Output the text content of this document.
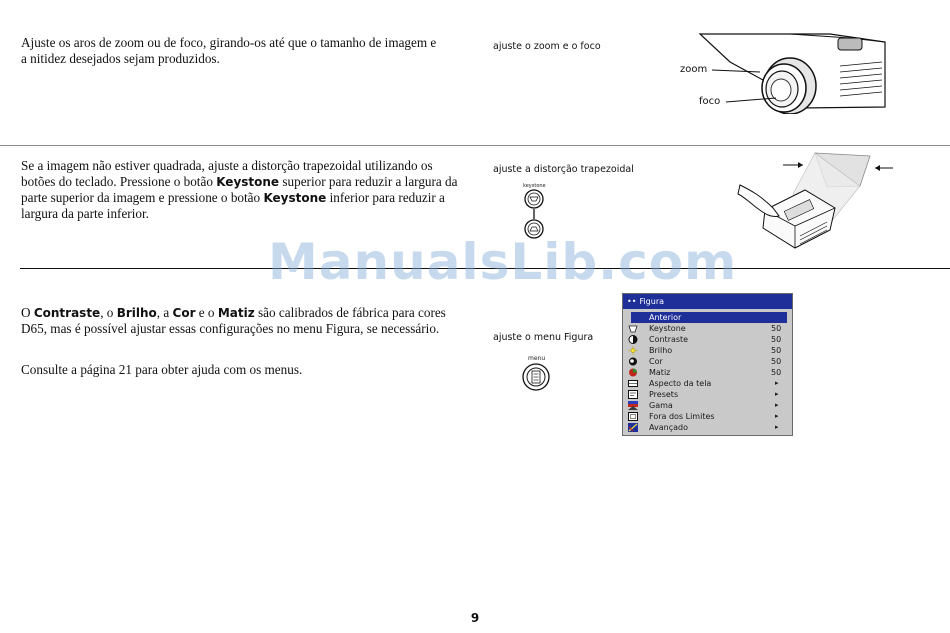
Ajuste os aros de zoom ou de foco, girando-os até que o tamanho de imagem e a nitidez desejados sejam produzidos.

ajuste o zoom e o foco
zoom
foco

Se a imagem não estiver quadrada, ajuste a distorção trapezoidal utilizando os botões do teclado. Pressione o botão Keystone superior para reduzir a largura da parte superior da imagem e pressione o botão Keystone inferior para reduzir a largura da parte inferior.

ajuste a distorção trapezoidal
keystone
ManualsLib.com

O Contraste, o Brilho, a Cor e o Matiz são calibrados de fábrica para cores D65, mas é possível ajustar essas configurações no menu Figura, se necessário.

Consulte a página 21 para obter ajuda com os menus.

ajuste o menu Figura
menu
•• Figura
Anterior
Keystone	50
Contraste	50
Brilho	50
Cor	50
Matiz	50
Aspecto da tela	▸
Presets	▸
Gama	▸
Fora dos Limites	▸
Avançado	▸
9
